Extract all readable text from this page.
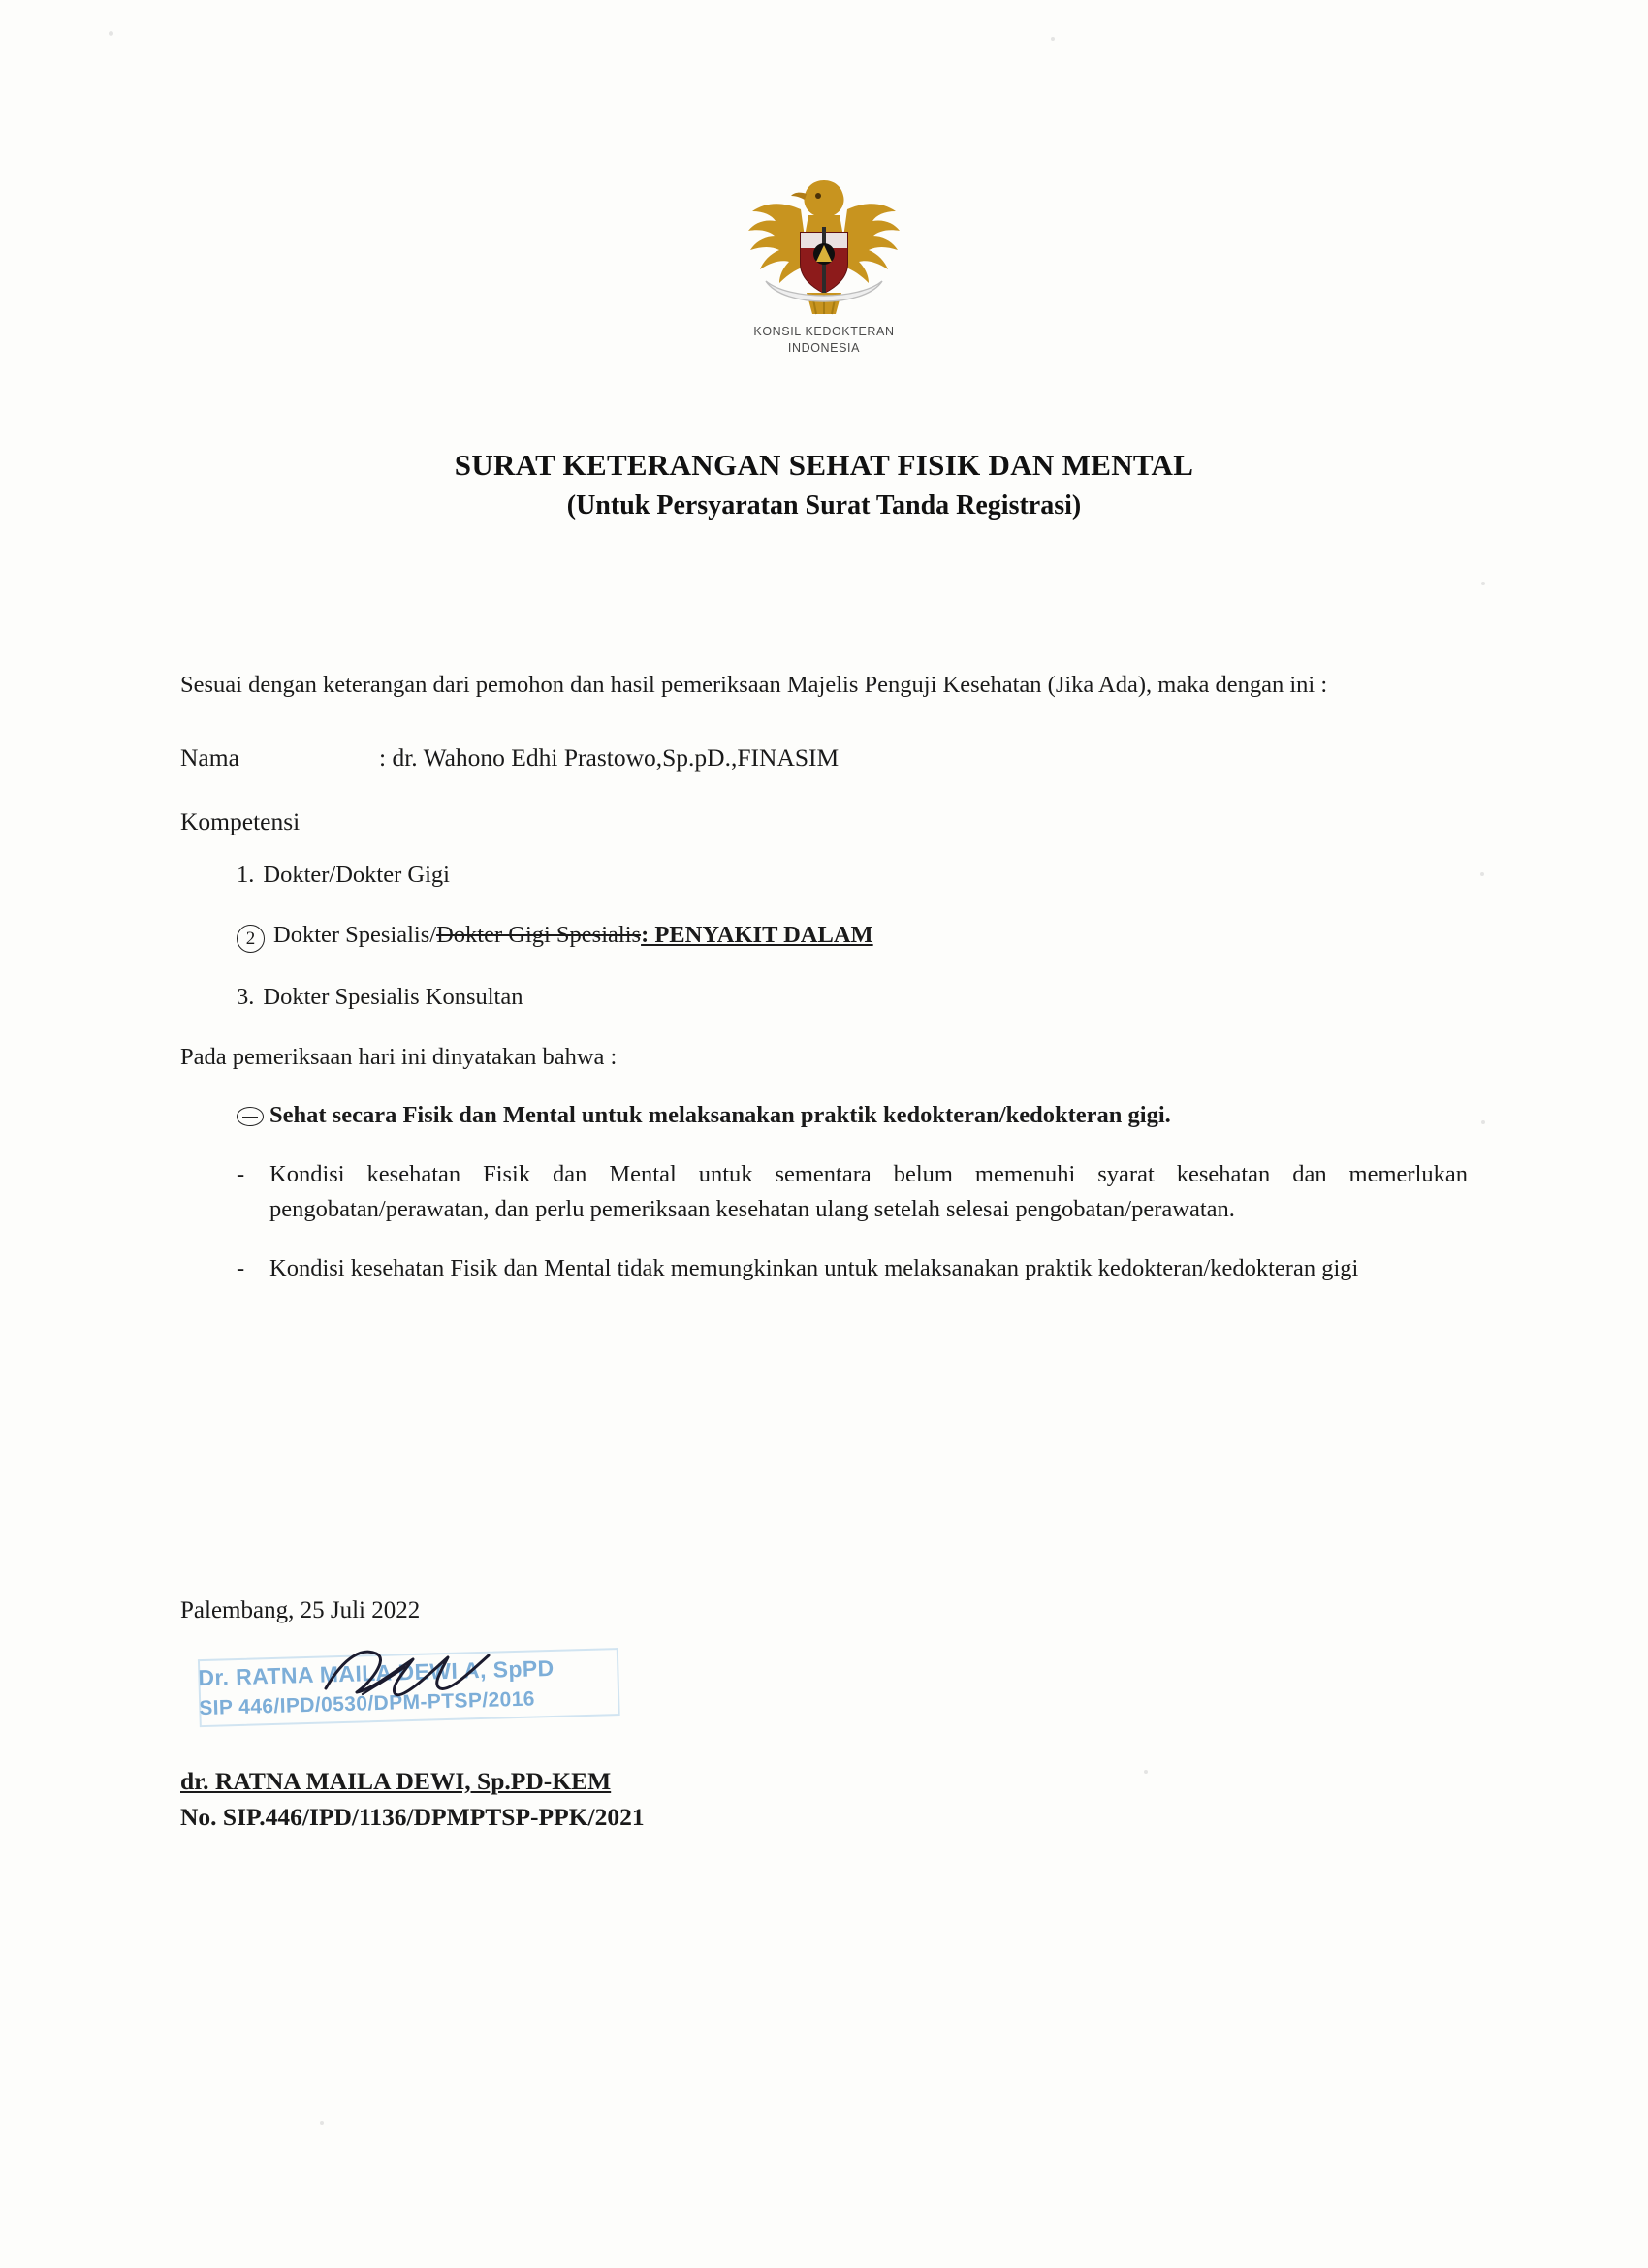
KONSIL KEDOKTERAN
INDONESIA
SURAT KETERANGAN SEHAT FISIK DAN MENTAL
(Untuk Persyaratan Surat Tanda Registrasi)
Sesuai dengan keterangan dari pemohon dan hasil pemeriksaan Majelis Penguji Kesehatan (Jika Ada), maka dengan ini :
Nama	: dr. Wahono Edhi Prastowo,Sp.pD.,FINASIM
Kompetensi
1. Dokter/Dokter Gigi
2 Dokter Spesialis/ Dokter Gigi Spesialis : PENYAKIT DALAM
3. Dokter Spesialis Konsultan
Pada pemeriksaan hari ini dinyatakan bahwa :
Sehat secara Fisik dan Mental untuk melaksanakan praktik kedokteran/kedokteran gigi.
-	Kondisi kesehatan Fisik dan Mental untuk sementara belum memenuhi syarat kesehatan dan memerlukan pengobatan/perawatan, dan perlu pemeriksaan kesehatan ulang setelah selesai pengobatan/perawatan.
-	Kondisi kesehatan Fisik dan Mental tidak memungkinkan untuk melaksanakan praktik kedokteran/kedokteran gigi
Palembang, 25 Juli 2022
Dr. RATNA MAILA DEWI A, SpPD
SIP 446/IPD/0530/DPM-PTSP/2016
dr. RATNA MAILA DEWI, Sp.PD-KEM
No. SIP.446/IPD/1136/DPMPTSP-PPK/2021
